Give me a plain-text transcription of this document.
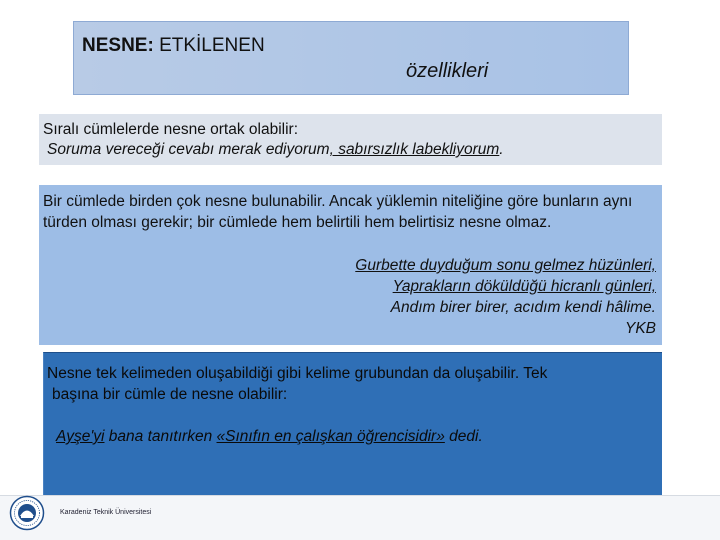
NESNE: ETKİLENEN
özellikleri
Sıralı cümlelerde nesne ortak olabilir:
Soruma vereceği cevabı merak ediyorum, sabırsızlık labekliyorum.
Bir cümlede birden çok nesne bulunabilir. Ancak yüklemin niteliğine göre bunların aynı türden olması gerekir; bir cümlede hem belirtili hem belirtisiz nesne olmaz.
Gurbette duyduğum sonu gelmez hüzünleri,
Yaprakların döküldüğü hicranlı günleri,
Andım birer birer, acıdım kendi hâlime.
YKB
Nesne tek kelimeden oluşabildiği gibi kelime grubundan da oluşabilir. Tek
başına bir cümle de nesne olabilir:
Ayşe'yi bana tanıtırken «Sınıfın en çalışkan öğrencisidir» dedi.
Karadeniz Teknik Üniversitesi
